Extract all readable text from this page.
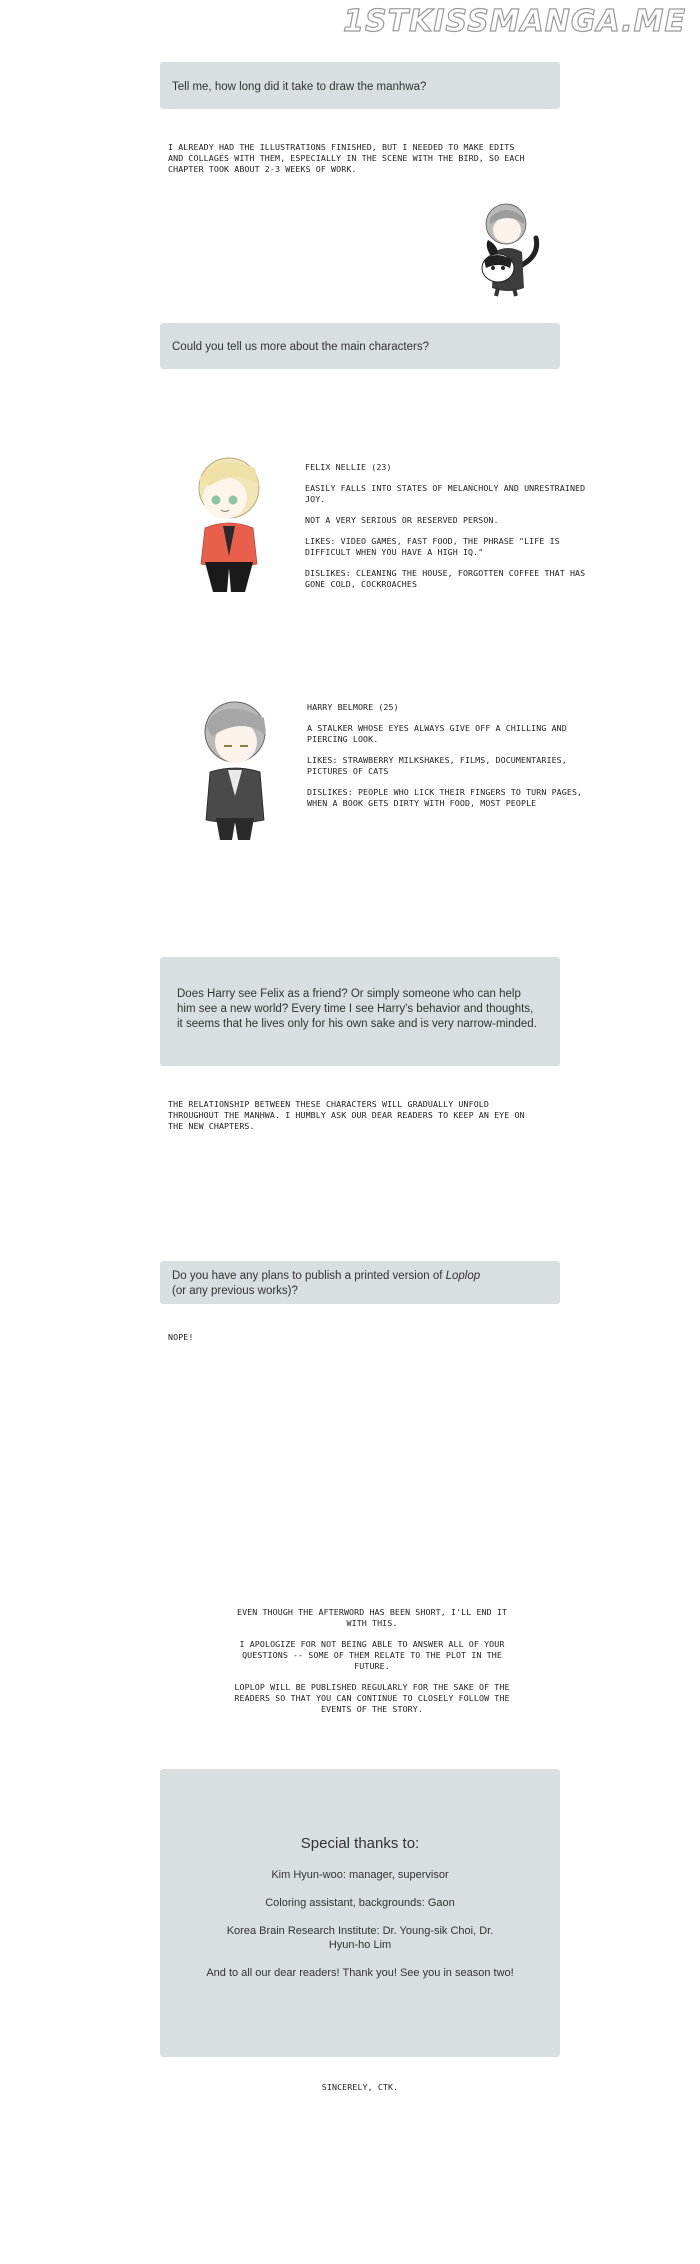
1STKISSMANGA.ME
Tell me, how long did it take to draw the manhwa?
I ALREADY HAD THE ILLUSTRATIONS FINISHED, BUT I NEEDED TO MAKE EDITS AND COLLAGES WITH THEM, ESPECIALLY IN THE SCENE WITH THE BIRD, SO EACH CHAPTER TOOK ABOUT 2-3 WEEKS OF WORK.
Could you tell us more about the main characters?

FELIX NELLIE (23)

EASILY FALLS INTO STATES OF MELANCHOLY AND UNRESTRAINED JOY.

NOT A VERY SERIOUS OR RESERVED PERSON.

LIKES: VIDEO GAMES, FAST FOOD, THE PHRASE "LIFE IS DIFFICULT WHEN YOU HAVE A HIGH IQ."

DISLIKES: CLEANING THE HOUSE, FORGOTTEN COFFEE THAT HAS GONE COLD, COCKROACHES

HARRY BELMORE (25)

A STALKER WHOSE EYES ALWAYS GIVE OFF A CHILLING AND PIERCING LOOK.

LIKES: STRAWBERRY MILKSHAKES, FILMS, DOCUMENTARIES, PICTURES OF CATS

DISLIKES: PEOPLE WHO LICK THEIR FINGERS TO TURN PAGES, WHEN A BOOK GETS DIRTY WITH FOOD, MOST PEOPLE

Does Harry see Felix as a friend? Or simply someone who can help him see a new world? Every time I see Harry's behavior and thoughts, it seems that he lives only for his own sake and is very narrow-minded.
THE RELATIONSHIP BETWEEN THESE CHARACTERS WILL GRADUALLY UNFOLD THROUGHOUT THE MANHWA. I HUMBLY ASK OUR DEAR READERS TO KEEP AN EYE ON THE NEW CHAPTERS.
Do you have any plans to publish a printed version of Loplop
(or any previous works)?
NOPE!

EVEN THOUGH THE AFTERWORD HAS BEEN SHORT, I'LL END IT WITH THIS.

I APOLOGIZE FOR NOT BEING ABLE TO ANSWER ALL OF YOUR QUESTIONS -- SOME OF THEM RELATE TO THE PLOT IN THE FUTURE.

LOPLOP WILL BE PUBLISHED REGULARLY FOR THE SAKE OF THE READERS SO THAT YOU CAN CONTINUE TO CLOSELY FOLLOW THE EVENTS OF THE STORY.

Special thanks to:
Kim Hyun-woo: manager, supervisor
Coloring assistant, backgrounds: Gaon
Korea Brain Research Institute: Dr. Young-sik Choi, Dr. Hyun-ho Lim
And to all our dear readers! Thank you! See you in season two!
SINCERELY, CTK.
